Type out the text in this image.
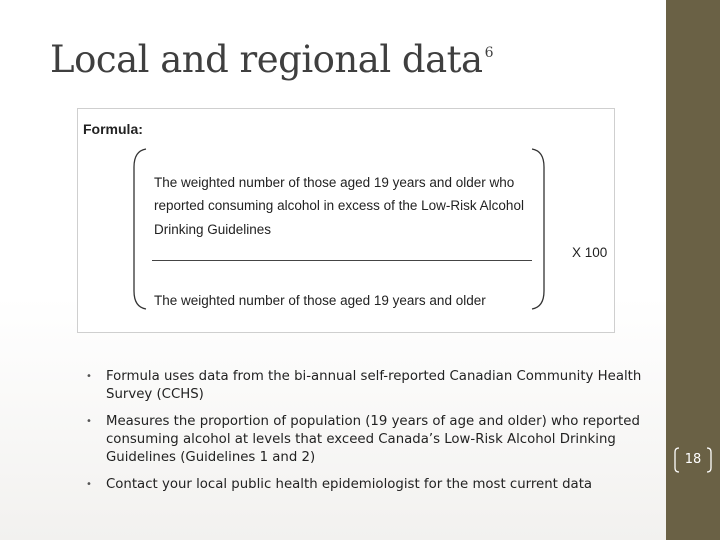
Local and regional data $^6$
Formula:
The weighted number of those aged 19 years and older who
reported consuming alcohol in excess of the Low-Risk Alcohol
Drinking Guidelines
X 100
The weighted number of those aged 19 years and older
• Formula uses data from the bi-annual self-reported Canadian Community Health Survey (CCHS)
• Measures the proportion of population (19 years of age and older) who reported consuming alcohol at levels that exceed Canada’s Low-Risk Alcohol Drinking Guidelines (Guidelines 1 and 2)
• Contact your local public health epidemiologist for the most current data
18
